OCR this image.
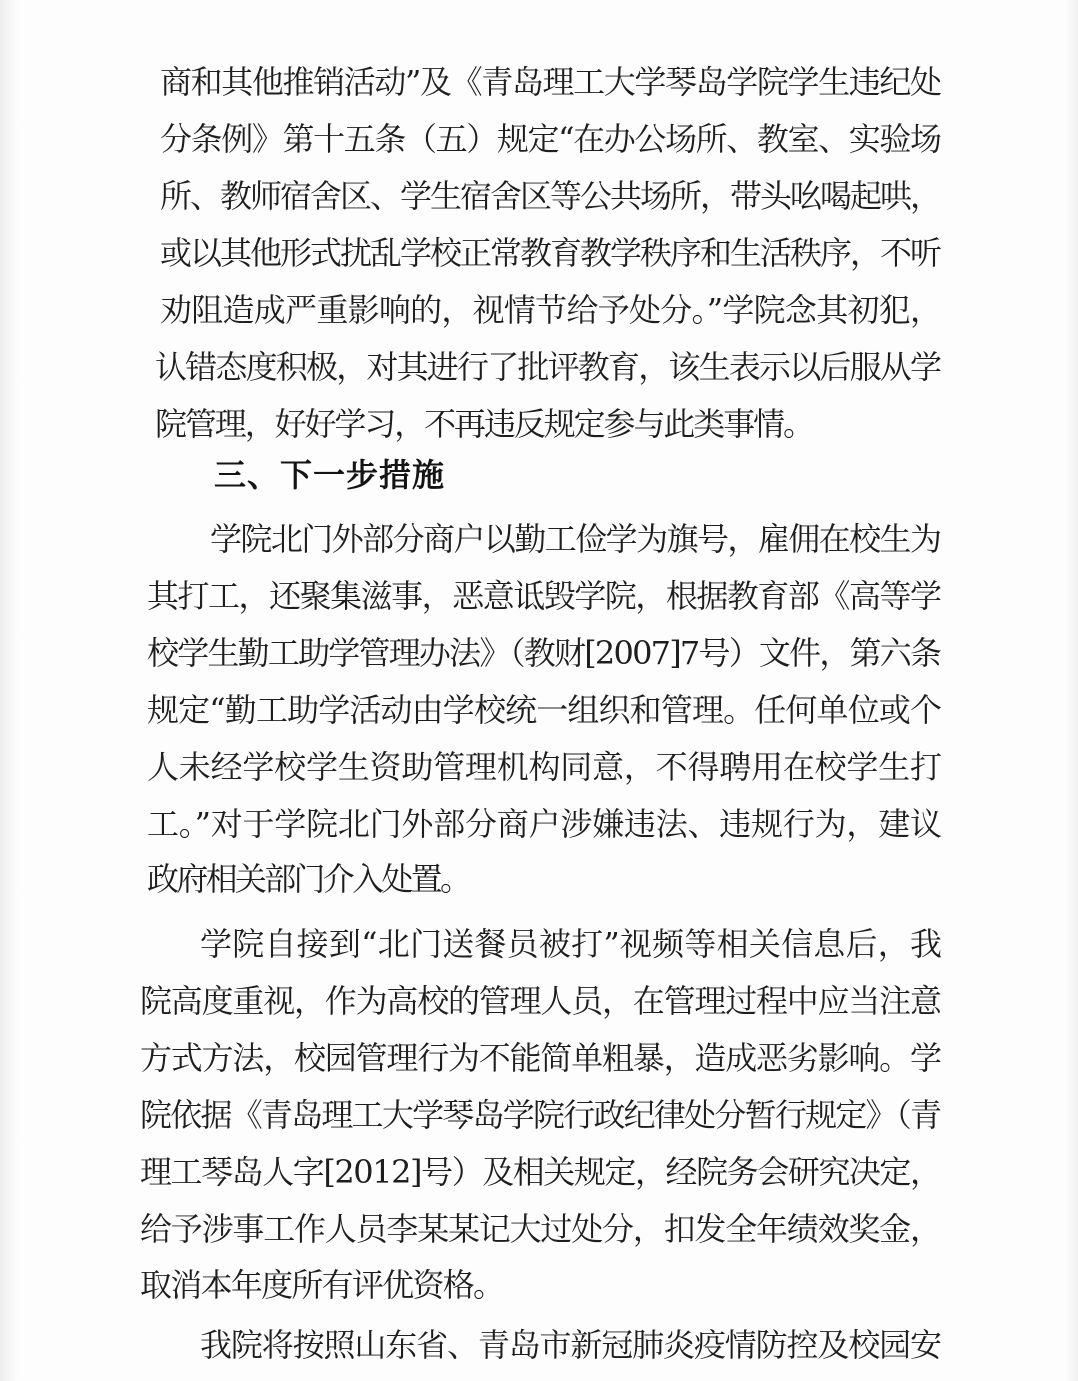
商和其他推销活动”及《青岛理工大学琴岛学院学生违纪处

分条例》第十五条（五）规定“在办公场所、教室、实验场

所、教师宿舍区、学生宿舍区等公共场所，带头吆喝起哄，

或以其他形式扰乱学校正常教育教学秩序和生活秩序，不听

劝阻造成严重影响的，视情节给予处分。”学院念其初犯，

认错态度积极，对其进行了批评教育，该生表示以后服从学

院管理，好好学习，不再违反规定参与此类事情。

三、下一步措施

学院北门外部分商户以勤工俭学为旗号，雇佣在校生为

其打工，还聚集滋事，恶意诋毁学院，根据教育部《高等学

校学生勤工助学管理办法》（教财[2007]7号）文件，第六条

规定“勤工助学活动由学校统一组织和管理。任何单位或个

人未经学校学生资助管理机构同意，不得聘用在校学生打

工。”对于学院北门外部分商户涉嫌违法、违规行为，建议

政府相关部门介入处置。

学院自接到“北门送餐员被打”视频等相关信息后，我

院高度重视，作为高校的管理人员，在管理过程中应当注意

方式方法，校园管理行为不能简单粗暴，造成恶劣影响。学

院依据《青岛理工大学琴岛学院行政纪律处分暂行规定》（青

理工琴岛人字[2012]号）及相关规定，经院务会研究决定，

给予涉事工作人员李某某记大过处分，扣发全年绩效奖金，

取消本年度所有评优资格。

我院将按照山东省、青岛市新冠肺炎疫情防控及校园安
